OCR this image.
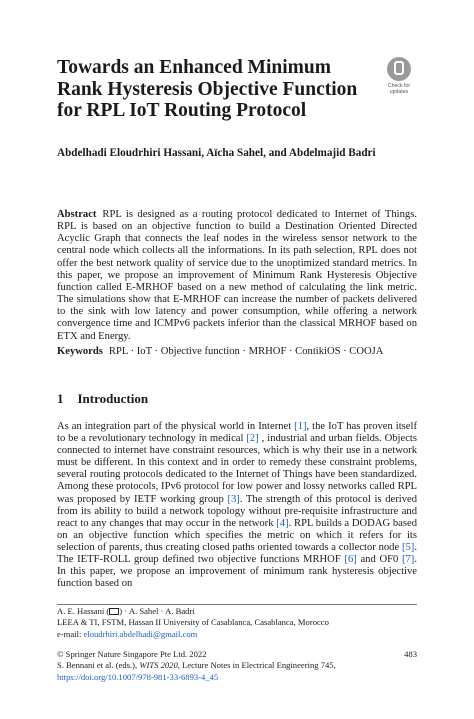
Towards an Enhanced Minimum Rank Hysteresis Objective Function for RPL IoT Routing Protocol
Check for
updates
Abdelhadi Eloudrhiri Hassani, Aïcha Sahel, and Abdelmajid Badri

Abstract RPL is designed as a routing protocol dedicated to Internet of Things. RPL is based on an objective function to build a Destination Oriented Directed Acyclic Graph that connects the leaf nodes in the wireless sensor network to the central node which collects all the informations. In its path selection, RPL does not offer the best network quality of service due to the unoptimized standard metrics. In this paper, we propose an improvement of Minimum Rank Hysteresis Objective function called E-MRHOF based on a new method of calculating the link metric. The simulations show that E-MRHOF can increase the number of packets delivered to the sink with low latency and power consumption, while offering a network convergence time and ICMPv6 packets inferior than the classical MRHOF based on ETX and Energy.

Keywords RPL · IoT · Objective function · MRHOF · ContikiOS · COOJA
1 Introduction

As an integration part of the physical world in Internet [1], the IoT has proven itself to be a revolutionary technology in medical [2] , industrial and urban fields. Objects connected to internet have constraint resources, which is why their use in a network must be different. In this context and in order to remedy these constraint problems, several routing protocols dedicated to the Internet of Things have been standardized. Among these protocols, IPv6 protocol for low power and lossy networks called RPL was proposed by IETF working group [3]. The strength of this protocol is derived from its ability to build a network topology without pre-requisite infrastructure and react to any changes that may occur in the network [4]. RPL builds a DODAG based on an objective function which specifies the metric on which it refers for its selection of parents, thus creating closed paths oriented towards a collector node [5]. The IETF-ROLL group defined two objective functions MRHOF [6] and OF0 [7]. In this paper, we propose an improvement of minimum rank hysteresis objective function based on

A. E. Hassani ( ) · A. Sahel · A. Badri
LEEA & TI, FSTM, Hassan II University of Casablanca, Casablanca, Morocco
e-mail: eloudrhiri.abdelhadi@gmail.com
© Springer Nature Singapore Pte Ltd. 2022
S. Bennani et al. (eds.), WITS 2020, Lecture Notes in Electrical Engineering 745,
https://doi.org/10.1007/978-981-33-6893-4_45
483
